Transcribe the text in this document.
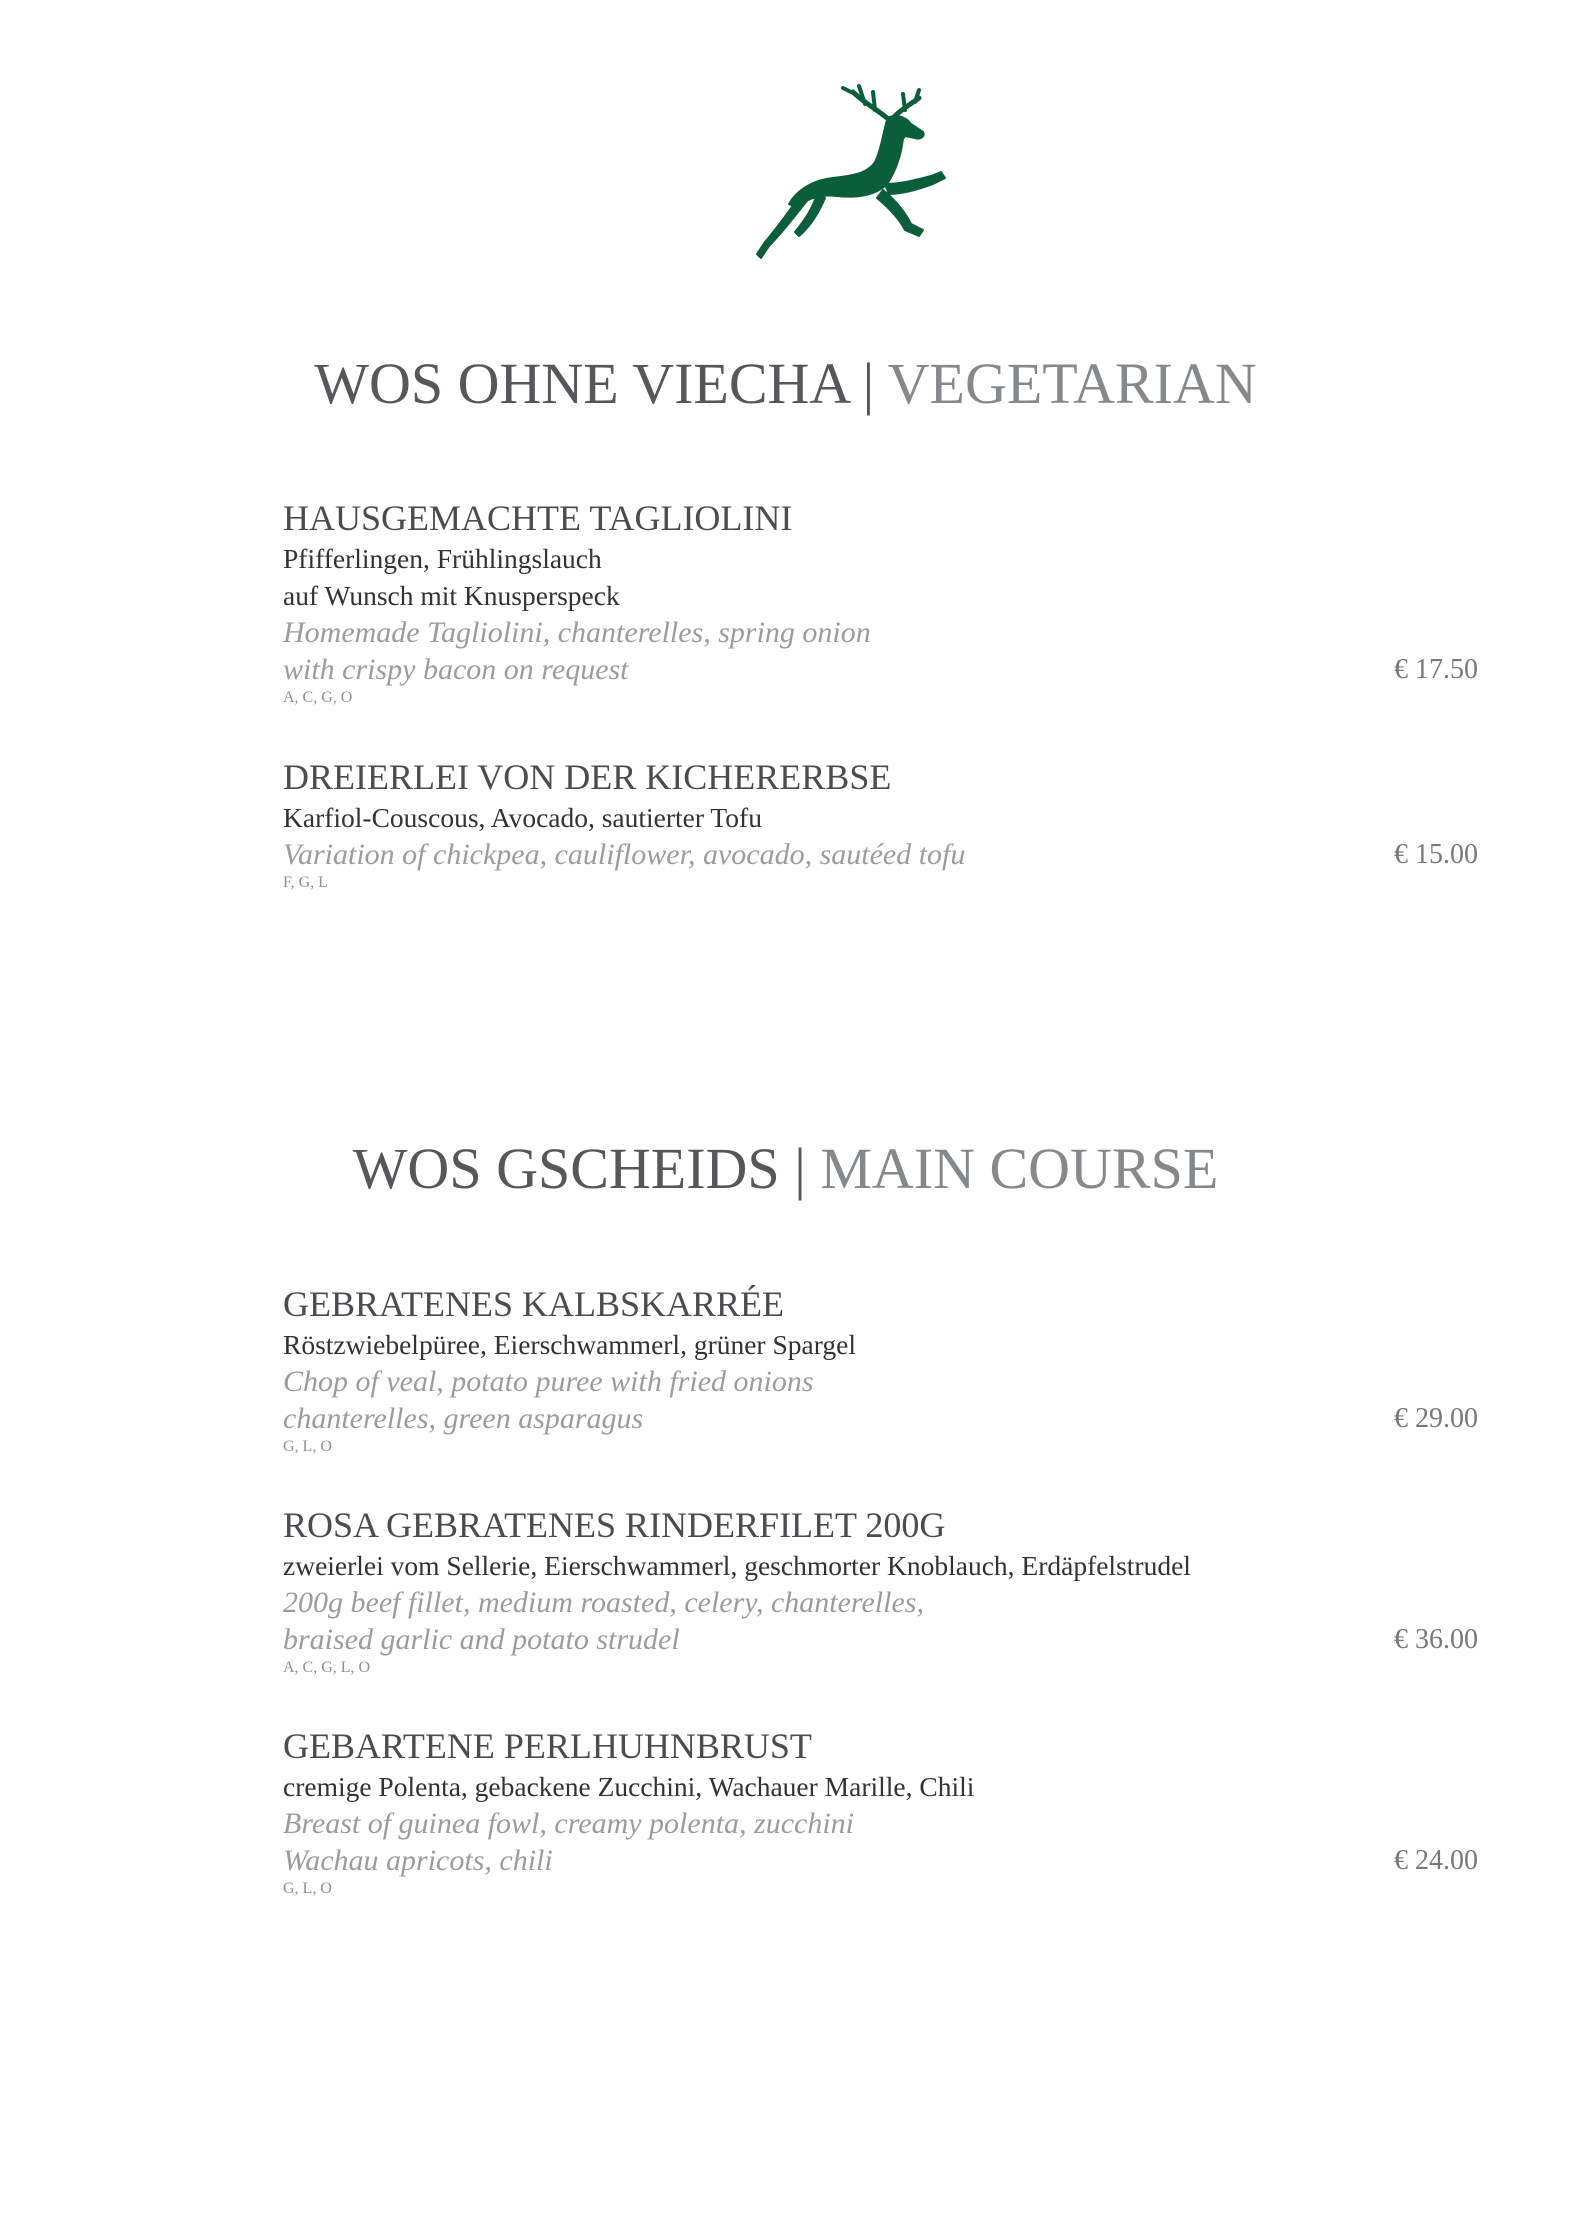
WOS OHNE VIECHA | VEGETARIAN
HAUSGEMACHTE TAGLIOLINI
Pfifferlingen, Frühlingslauch
auf Wunsch mit Knusperspeck
Homemade Tagliolini, chanterelles, spring onion
with crispy bacon on request
A, C, G, O
€ 17.50
DREIERLEI VON DER KICHERERBSE
Karfiol-Couscous, Avocado, sautierter Tofu
Variation of chickpea, cauliflower, avocado, sautéed tofu
F, G, L
€ 15.00
WOS GSCHEIDS | MAIN COURSE
GEBRATENES KALBSKARRÉE
Röstzwiebelpüree, Eierschwammerl, grüner Spargel
Chop of veal, potato puree with fried onions
chanterelles, green asparagus
G, L, O
€ 29.00
ROSA GEBRATENES RINDERFILET 200G
zweierlei vom Sellerie, Eierschwammerl, geschmorter Knoblauch, Erdäpfelstrudel
200g beef fillet, medium roasted, celery, chanterelles,
braised garlic and potato strudel
A, C, G, L, O
€ 36.00
GEBARTENE PERLHUHNBRUST
cremige Polenta, gebackene Zucchini, Wachauer Marille, Chili
Breast of guinea fowl, creamy polenta, zucchini
Wachau apricots, chili
G, L, O
€ 24.00
